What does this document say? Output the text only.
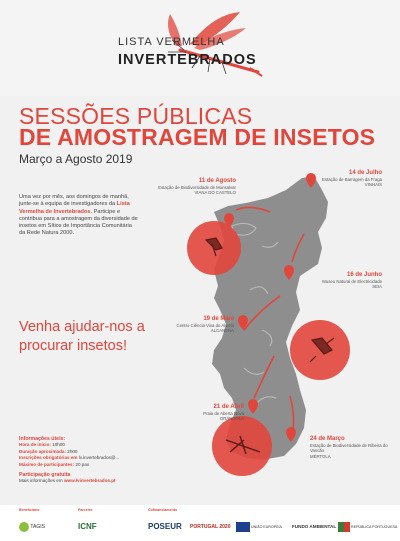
LISTA VERMELHA
INVERTEBRADOS
SESSÕES PÚBLICAS
DE AMOSTRAGEM DE INSETOS
Março a Agosto 2019
Uma vez por mês, aos domingos de manhã, junte-se à equipa de investigadores da Lista Vermelha de Invertebrados. Participe e contribua para a amostragem da diversidade de insetos em Sítios de Importância Comunitária da Rede Natura 2000.
Venha ajudar-nos a
procurar insetos!
Informações úteis:
Hora de início: 10h00
Duração aproximada: 2h00
Inscrições obrigatórias em lv.invertebrados@...
Máximo de participantes: 20 pax
Participação gratuita
Mais informações em www.lvinvertebrados.pt
11 de Agosto
Estação de Biodiversidade de Monsalvar
VIANA DO CASTELO
14 de Julho
Estação de Barragem da Fraga
VINHAIS
16 de Junho
Museu Natural de Electricidade
SEIA
19 de Maio
Centro Ciência Viva do Alviela
ALCANENA
21 de Abril
Praia de Aberta Nova
GRÂNDOLA
24 de Março
Estação de Biodiversidade de Ribeira do Vascão
MÉRTOLA
Beneficiário	Parceiro	Cofinanciamento
TAGIS	ICNF	POSEUR PORTUGAL 2020	UNIÃO EUROPEIA FUNDO AMBIENTAL	REPÚBLICA PORTUGUESA
